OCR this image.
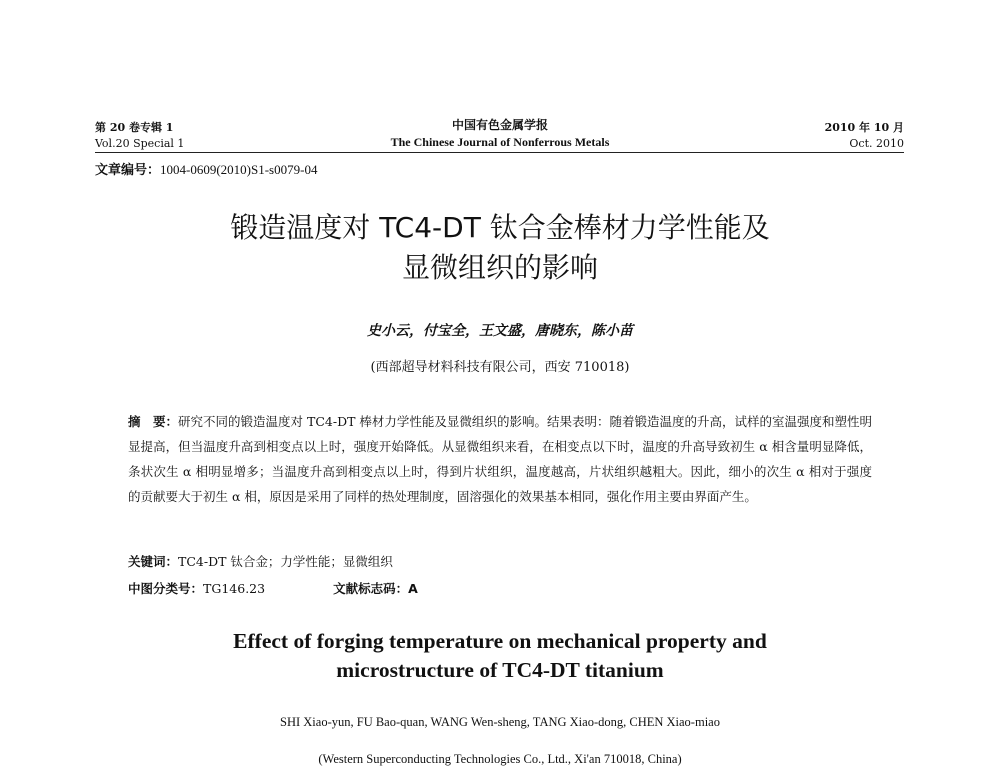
第 20 卷专辑 1
Vol.20 Special 1
中国有色金属学报
The Chinese Journal of Nonferrous Metals
2010 年 10 月
Oct. 2010
文章编号：1004-0609(2010)S1-s0079-04
锻造温度对 TC4-DT 钛合金棒材力学性能及
显微组织的影响
史小云，付宝全，王文盛，唐晓东，陈小苗
(西部超导材料科技有限公司，西安 710018)
摘　要：研究不同的锻造温度对 TC4-DT 棒材力学性能及显微组织的影响。结果表明：随着锻造温度的升高，试样的室温强度和塑性明显提高，但当温度升高到相变点以上时，强度开始降低。从显微组织来看，在相变点以下时，温度的升高导致初生 α 相含量明显降低，条状次生 α 相明显增多；当温度升高到相变点以上时，得到片状组织，温度越高，片状组织越粗大。因此，细小的次生 α 相对于强度的贡献要大于初生 α 相，原因是采用了同样的热处理制度，固溶强化的效果基本相同，强化作用主要由界面产生。
关键词：TC4-DT 钛合金；力学性能；显微组织
中图分类号：TG146.23	文献标志码：A
Effect of forging temperature on mechanical property and
microstructure of TC4-DT titanium
SHI Xiao-yun, FU Bao-quan, WANG Wen-sheng, TANG Xiao-dong, CHEN Xiao-miao
(Western Superconducting Technologies Co., Ltd., Xi'an 710018, China)
